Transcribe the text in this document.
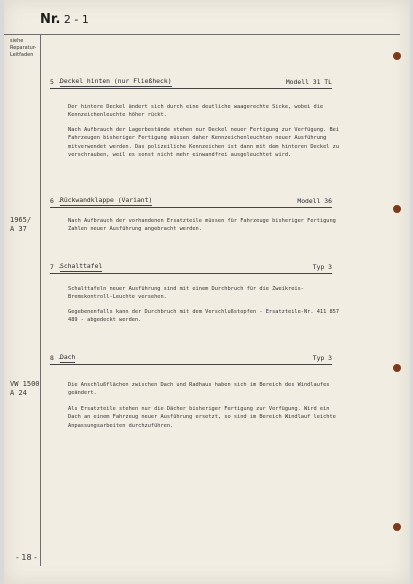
Nr. 2 - 1
siehe Reparatur-Leitfaden
5 -
Deckel hinten (nur Fließheck)	Modell 31 TL

Der hintere Deckel ändert sich durch eine deutliche waagerechte Sicke, wobei die Kennzeichenleuchte höher rückt.

Nach Aufbrauch der Lagerbestände stehen nur Deckel neuer Fertigung zur Verfügung. Bei Fahrzeugen bisheriger Fertigung müssen daher Kennzeichenleuchten neuer Ausführung mitverwendet werden. Das polizeiliche Kennzeichen ist dann mit dem hinteren Deckel zu verschrauben, weil es sonst nicht mehr einwandfrei ausgeleuchtet wird.

6 -
Rückwandklappe (Variant)	Modell 36
1965/ A 37

Nach Aufbrauch der vorhandenen Ersatzteile müssen für Fahrzeuge bisheriger Fertigung Zahlen neuer Ausführung angebracht werden.

7 -
Schalttafel	Typ 3

Schalttafeln neuer Ausführung sind mit einem Durchbruch für die Zweikreis-Bremskontroll-Leuchte versehen.

Gegebenenfalls kann der Durchbruch mit dem Verschlußstopfen - Ersatzteile-Nr. 411 857 489 - abgedeckt werden.

8 -
Dach	Typ 3
VW 1500 A 24

Die Anschlußflächen zwischen Dach und Radhaus haben sich im Bereich des Windlaufes geändert.

Als Ersatzteile stehen nur die Dächer bisheriger Fertigung zur Verfügung. Wird ein Dach an einem Fahrzeug neuer Ausführung ersetzt, so sind im Bereich Windlauf leichte Anpassungsarbeiten durchzuführen.

- 18 -
